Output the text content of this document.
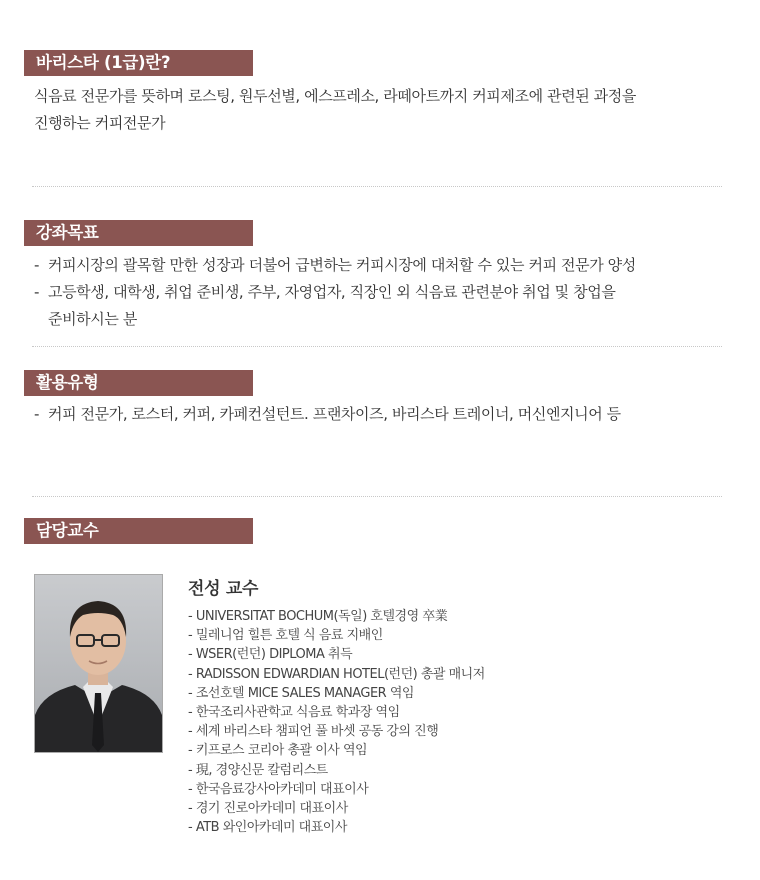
바리스타 (1급)란?
식음료 전문가를 뜻하며 로스팅, 원두선별, 에스프레소, 라떼아트까지 커피제조에 관련된 과정을
진행하는 커피전문가
강좌목표
- 커피시장의 괄목할 만한 성장과 더불어 급변하는 커피시장에 대처할 수 있는 커피 전문가 양성
- 고등학생, 대학생, 취업 준비생, 주부, 자영업자, 직장인 외 식음료 관련분야 취업 및 창업을
준비하시는 분
활용유형
- 커피 전문가, 로스터, 커퍼, 카페컨설턴트. 프랜차이즈, 바리스타 트레이너, 머신엔지니어 등
담당교수
전성 교수
- UNIVERSITAT BOCHUM(독일) 호텔경영 卒業
- 밀레니엄 힐튼 호텔 식 음료 지배인
- WSER(런던) DIPLOMA 취득
- RADISSON EDWARDIAN HOTEL(런던) 총괄 매니저
- 조선호텔 MICE SALES MANAGER 역임
- 한국조리사관학교 식음료 학과장 역임
- 세계 바리스타 챔피언 풀 바셋 공동 강의 진행
- 키프로스 코리아 총괄 이사 역임
- 現, 경양신문 칼럼리스트
- 한국음료강사아카데미 대표이사
- 경기 진로아카데미 대표이사
- ATB 와인아카데미 대표이사
